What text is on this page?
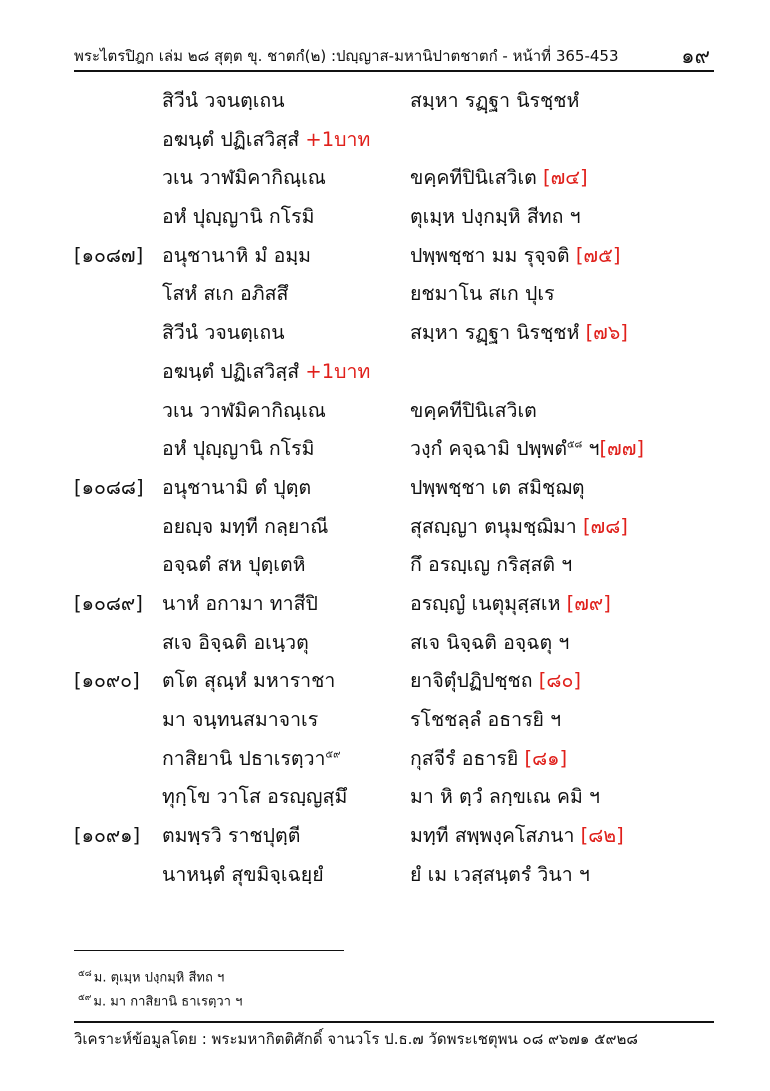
พระไตรปิฎก เล่ม ๒๘ สุตฺต ขุ. ชาตกํ(๒) :ปญฺญาส-มหานิปาตชาตกํ - หน้าที่ 365-453	๑๙
สิวีนํ วจนตฺเถน	สมฺหา รฏฺฐา นิรชฺชหํ
อฆนฺตํ ปฏิเสวิสฺสํ +1บาท
วเน วาฬมิคากิณฺเณ	ขคฺคทีปินิเสวิเต [๗๔]
อหํ ปุญฺญานิ กโรมิ	ตุเมฺห ปงฺกมฺหิ สีทถ ฯ
[๑๐๘๗] อนุชานาหิ มํ อมฺม	ปพฺพชฺชา มม รุจฺจติ [๗๕]
โสหํ สเก อภิสสึ	ยชมาโน สเก ปุเร
สิวีนํ วจนตฺเถน	สมฺหา รฏฺฐา นิรชฺชหํ [๗๖]
อฆนฺตํ ปฏิเสวิสฺสํ +1บาท
วเน วาฬมิคากิณฺเณ	ขคฺคทีปินิเสวิเต
อหํ ปุญฺญานิ กโรมิ	วงฺกํ คจฺฉามิ ปพฺพตํ$^{๕๘}$ ฯ[๗๗]
[๑๐๘๘] อนุชานามิ ตํ ปุตฺต	ปพฺพชฺชา เต สมิชฺฌตุ
อยญฺจ มทฺที กลฺยาณี	สุสญฺญา ตนุมชฺฌิมา [๗๘]
อจฺฉตํ สห ปุตฺเตหิ	กึ อรญฺเญ กริสฺสติ ฯ
[๑๐๘๙] นาหํ อกามา ทาสีปิ	อรญฺญํ เนตุมุสฺสเห [๗๙]
สเจ อิจฺฉติ อเนฺวตุ	สเจ นิจฺฉติ อจฺฉตุ ฯ
[๑๐๙๐] ตโต สุณฺหํ มหาราชา	ยาจิตุํปฏิปชฺชถ [๘๐]
มา จนฺทนสมาจาเร	รโชชลฺลํ อธารยิ ฯ
กาสิยานิ ปธาเรตฺวา$^{๕๙}$	กุสจีรํ อธารยิ [๘๑]
ทุกฺโข วาโส อรญฺญสฺมึ	มา หิ ตฺวํ ลกฺขเณ คมิ ฯ
[๑๐๙๑] ตมพฺรวิ ราชปุตฺตี	มทฺที สพฺพงฺคโสภนา [๘๒]
นาหนฺตํ สุขมิจฺเฉยฺยํ	ยํ เม เวสฺสนฺตรํ วินา ฯ
$^{๕๘}$ ม. ตุเมฺห ปงฺกมฺหิ สีทถ ฯ
$^{๕๙}$ ม. มา กาสิยานิ ธาเรตฺวา ฯ
วิเคราะห์ข้อมูลโดย : พระมหากิตติศักดิ์ จานวโร ป.ธ.๗ วัดพระเชตุพน ๐๘ ๙๖๗๑ ๕๙๒๘
